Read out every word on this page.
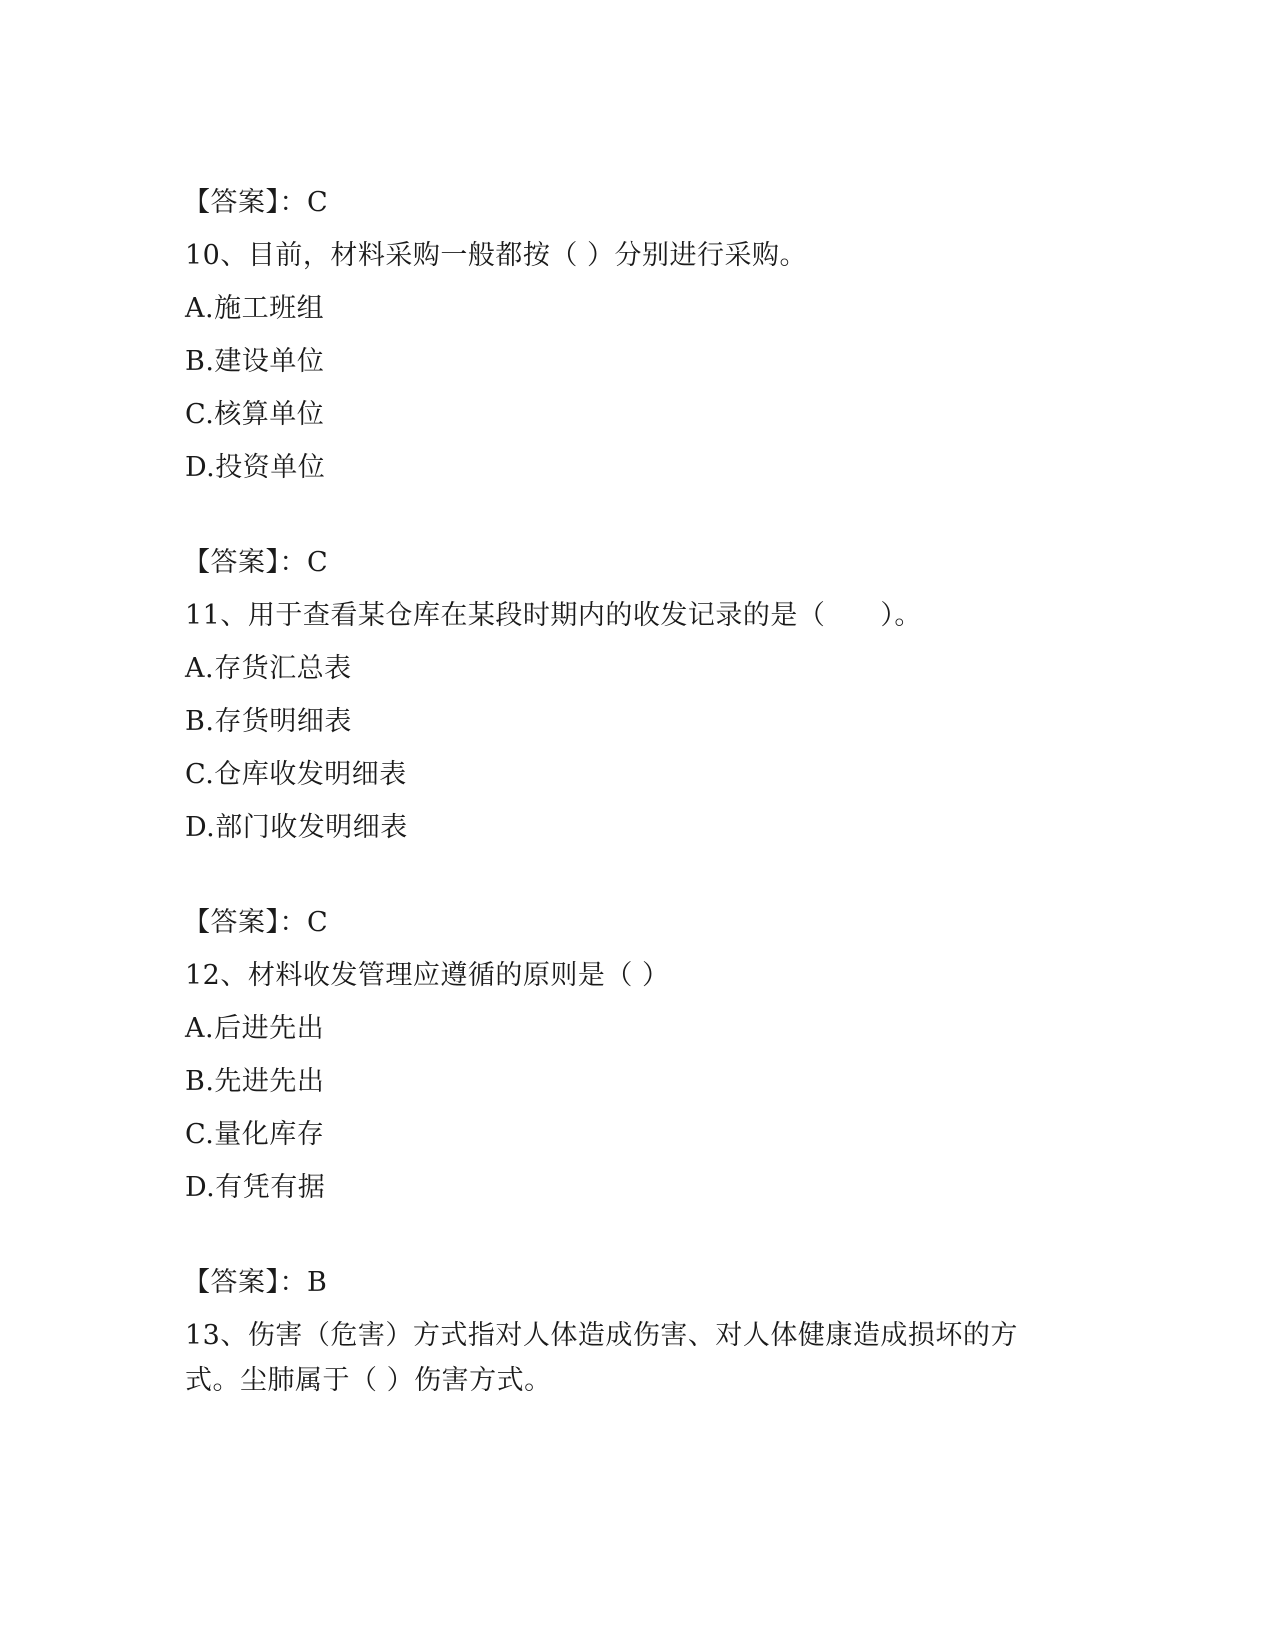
【答案】：C
10、目前，材料采购一般都按（ ）分别进行采购。
A.施工班组
B.建设单位
C.核算单位
D.投资单位
【答案】：C
11、用于查看某仓库在某段时期内的收发记录的是（　　）。
A.存货汇总表
B.存货明细表
C.仓库收发明细表
D.部门收发明细表
【答案】：C
12、材料收发管理应遵循的原则是（ ）
A.后进先出
B.先进先出
C.量化库存
D.有凭有据
【答案】：B
13、伤害（危害）方式指对人体造成伤害、对人体健康造成损坏的方
式。尘肺属于（ ）伤害方式。
